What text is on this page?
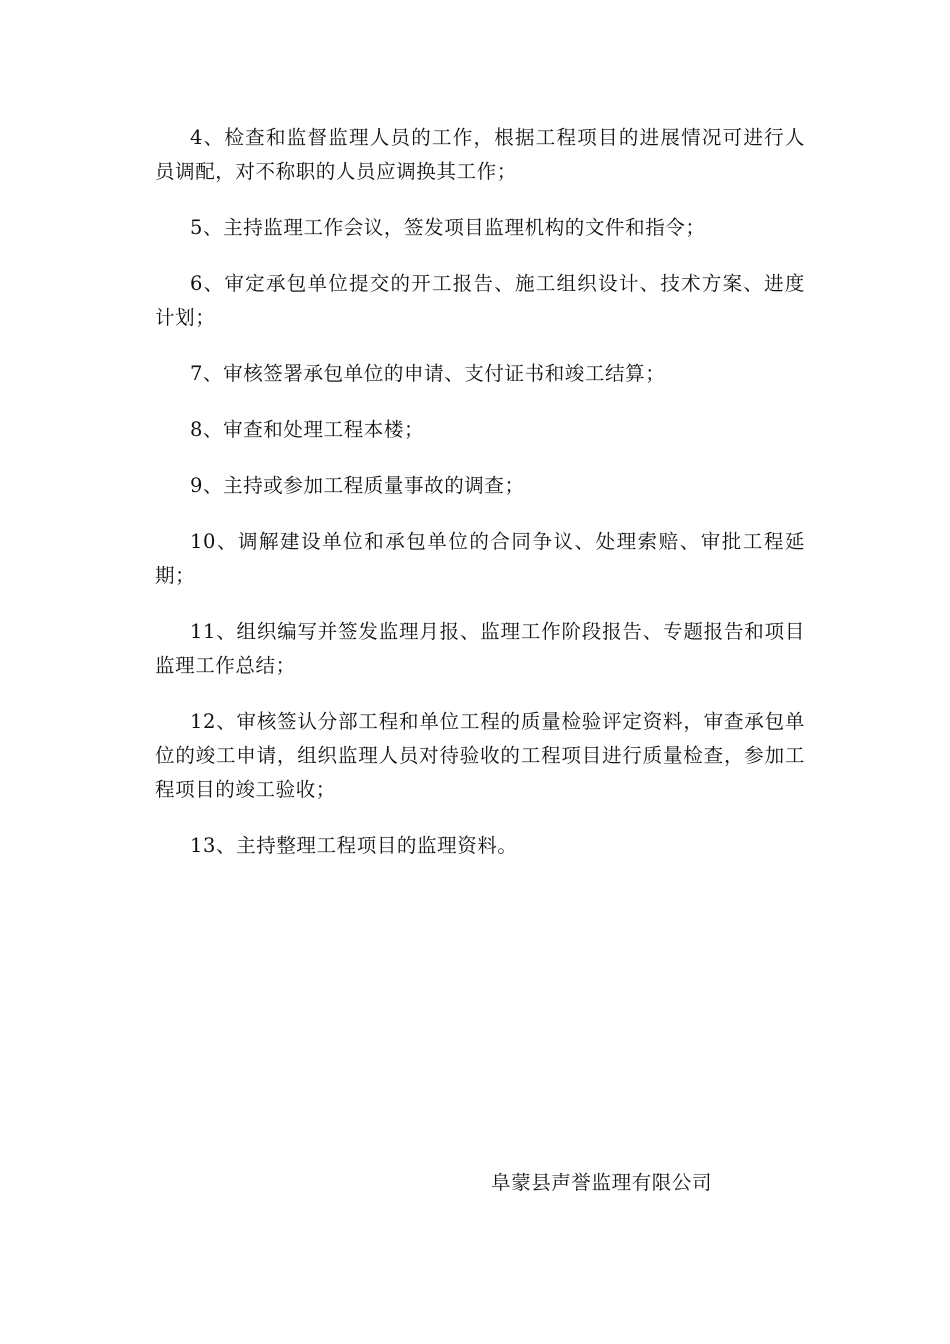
4、检查和监督监理人员的工作，根据工程项目的进展情况可进行人员调配，对不称职的人员应调换其工作；

5、主持监理工作会议，签发项目监理机构的文件和指令；

6、审定承包单位提交的开工报告、施工组织设计、技术方案、进度计划；

7、审核签署承包单位的申请、支付证书和竣工结算；

8、审查和处理工程本楼；

9、主持或参加工程质量事故的调查；

10、调解建设单位和承包单位的合同争议、处理索赔、审批工程延期；

11、组织编写并签发监理月报、监理工作阶段报告、专题报告和项目监理工作总结；

12、审核签认分部工程和单位工程的质量检验评定资料，审查承包单位的竣工申请，组织监理人员对待验收的工程项目进行质量检查，参加工程项目的竣工验收；

13、主持整理工程项目的监理资料。

阜蒙县声誉监理有限公司
